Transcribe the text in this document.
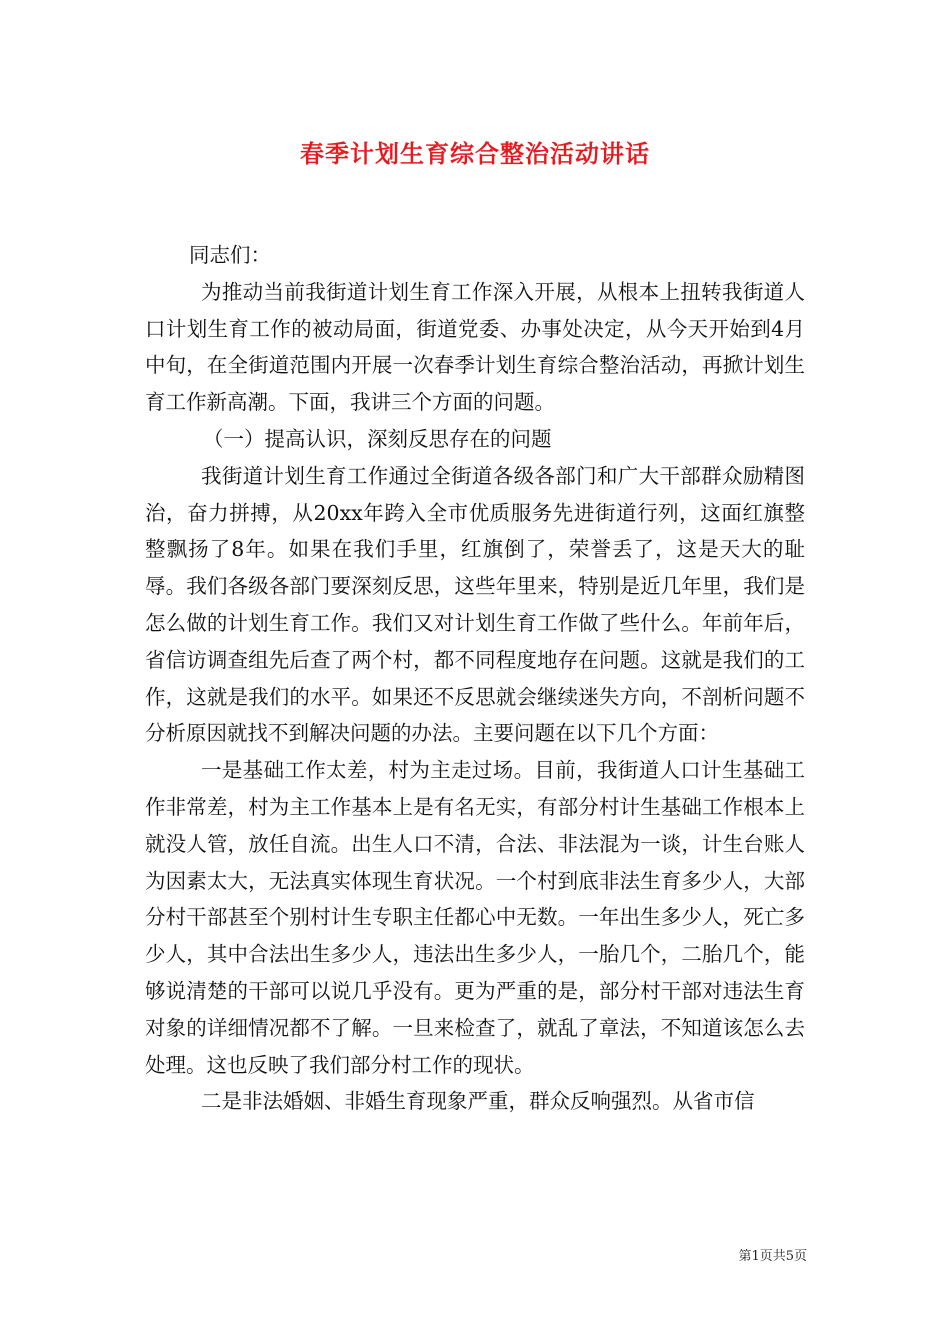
春季计划生育综合整治活动讲话

同志们：

为推动当前我街道计划生育工作深入开展，从根本上扭转我街道人口计划生育工作的被动局面，街道党委、办事处决定，从今天开始到4月中旬，在全街道范围内开展一次春季计划生育综合整治活动，再掀计划生育工作新高潮。下面，我讲三个方面的问题。

（一）提高认识，深刻反思存在的问题

我街道计划生育工作通过全街道各级各部门和广大干部群众励精图治，奋力拼搏，从20xx年跨入全市优质服务先进街道行列，这面红旗整整飘扬了8年。如果在我们手里，红旗倒了，荣誉丢了，这是天大的耻辱。我们各级各部门要深刻反思，这些年里来，特别是近几年里，我们是怎么做的计划生育工作。我们又对计划生育工作做了些什么。年前年后，省信访调查组先后查了两个村，都不同程度地存在问题。这就是我们的工作，这就是我们的水平。如果还不反思就会继续迷失方向，不剖析问题不分析原因就找不到解决问题的办法。主要问题在以下几个方面：

一是基础工作太差，村为主走过场。目前，我街道人口计生基础工作非常差，村为主工作基本上是有名无实，有部分村计生基础工作根本上就没人管，放任自流。出生人口不清，合法、非法混为一谈，计生台账人为因素太大，无法真实体现生育状况。一个村到底非法生育多少人，大部分村干部甚至个别村计生专职主任都心中无数。一年出生多少人，死亡多少人，其中合法出生多少人，违法出生多少人，一胎几个，二胎几个，能够说清楚的干部可以说几乎没有。更为严重的是，部分村干部对违法生育对象的详细情况都不了解。一旦来检查了，就乱了章法，不知道该怎么去处理。这也反映了我们部分村工作的现状。

二是非法婚姻、非婚生育现象严重，群众反响强烈。从省市信

第1页共5页
